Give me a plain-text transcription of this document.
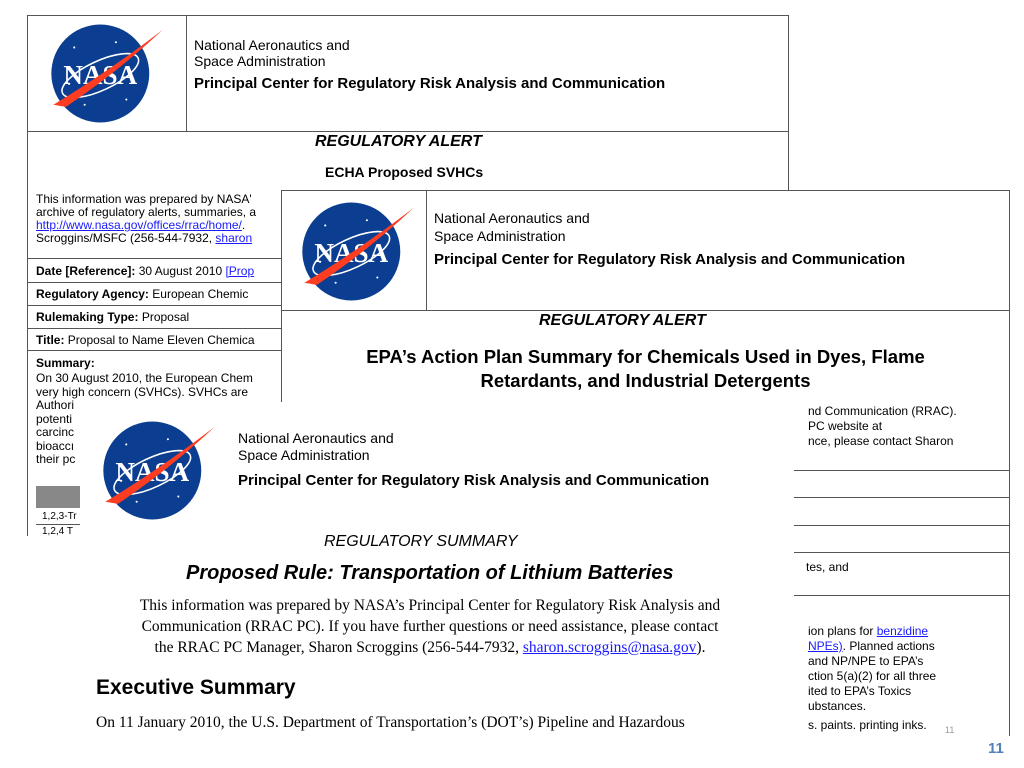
National Aeronautics and
Space Administration
Principal Center for Regulatory Risk Analysis and Communication
REGULATORY ALERT
ECHA Proposed SVHCs
This information was prepared by NASA'
archive of regulatory alerts, summaries, a
http://www.nasa.gov/offices/rrac/home/.
Scroggins/MSFC (256-544-7932, sharon
Date [Reference]: 30 August 2010 [Prop
Regulatory Agency: European Chemic
Rulemaking Type: Proposal
Title: Proposal to Name Eleven Chemica
Summary:
On 30 August 2010, the European Chem
very high concern (SVHCs). SVHCs are
Authori
potenti
carcinc
bioaccı
their pc
1,2,3-Tr
1,2,4 T
National Aeronautics and
Space Administration
Principal Center for Regulatory Risk Analysis and Communication
REGULATORY ALERT
EPA’s Action Plan Summary for Chemicals Used in Dyes, Flame
Retardants, and Industrial Detergents
nd Communication (RRAC).
PC website at
nce, please contact Sharon
tes, and
ion plans for benzidine
NPEs). Planned actions
and NP/NPE to EPA’s
ction 5(a)(2) for all three
ited to EPA’s Toxics
ubstances.
s. paints. printing inks.	11
National Aeronautics and
Space Administration
Principal Center for Regulatory Risk Analysis and Communication
REGULATORY SUMMARY
Proposed Rule: Transportation of Lithium Batteries
This information was prepared by NASA’s Principal Center for Regulatory Risk Analysis and
Communication (RRAC PC). If you have further questions or need assistance, please contact
the RRAC PC Manager, Sharon Scroggins (256-544-7932, sharon.scroggins@nasa.gov).
Executive Summary
On 11 January 2010, the U.S. Department of Transportation’s (DOT’s) Pipeline and Hazardous
11
